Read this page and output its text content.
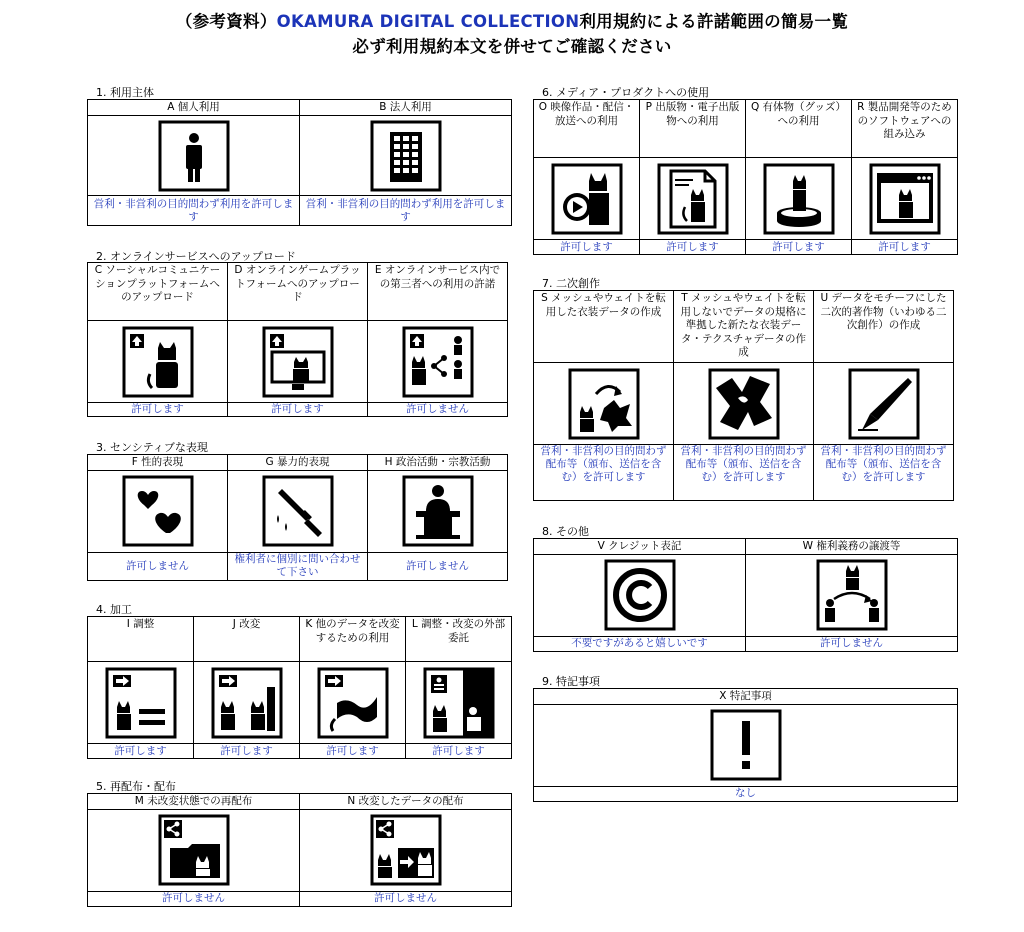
（参考資料）OKAMURA DIGITAL COLLECTION利用規約による許諾範囲の簡易一覧
必ず利用規約本文を併せてご確認ください
1. 利用主体
A 個人利用	B 法人利用

営利・非営利の目的問わず利用を許可します	営利・非営利の目的問わず利用を許可します
2. オンラインサービスへのアップロード
C ソーシャルコミュニケーションプラットフォームへのアップロード	D オンラインゲームプラットフォームへのアップロード	E オンラインサービス内での第三者への利用の許諾

許可します	許可します	許可しません
3. センシティブな表現
F 性的表現	G 暴力的表現	H 政治活動・宗教活動

許可しません	権利者に個別に問い合わせて下さい	許可しません
4. 加工
I 調整	J 改変	K 他のデータを改変するための利用	L 調整・改変の外部委託

許可します	許可します	許可します	許可します
5. 再配布・配布
M 未改変状態での再配布	N 改変したデータの配布

許可しません	許可しません
6. メディア・プロダクトへの使用
O 映像作品・配信・放送への利用	P 出版物・電子出版物への利用	Q 有体物（グッズ）への利用	R 製品開発等のためのソフトウェアへの組み込み

許可します	許可します	許可します	許可します
7. 二次創作
S メッシュやウェイトを転用した衣装データの作成	T メッシュやウェイトを転用しないでデータの規格に準拠した新たな衣装データ・テクスチャデータの作成	U データをモチーフにした二次的著作物（いわゆる二次創作）の作成

営利・非営利の目的問わず配布等（頒布、送信を含む）を許可します	営利・非営利の目的問わず配布等（頒布、送信を含む）を許可します	営利・非営利の目的問わず配布等（頒布、送信を含む）を許可します
8. その他
V クレジット表記	W 権利義務の譲渡等

不要ですがあると嬉しいです	許可しません
9. 特記事項
X 特記事項

なし
